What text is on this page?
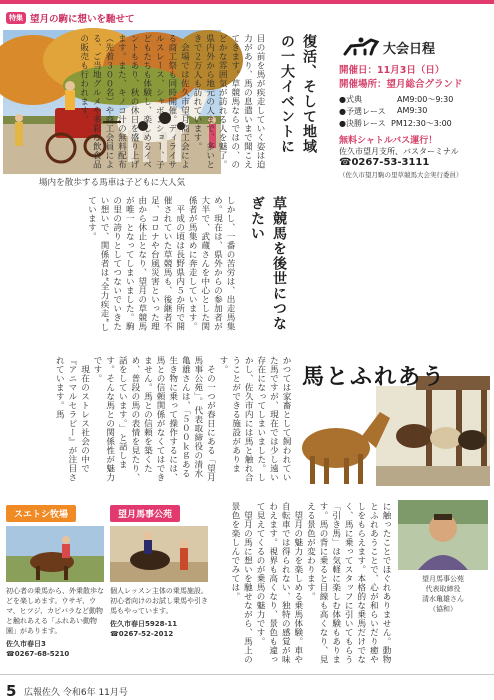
特集 望月の駒に想いを馳せて
場内を散歩する馬車は子どもに大人気
復活、そして地域の一大イベントに
目の前を馬が疾走していく姿は迫力があり、馬の息遣いまで聞こえてきます。草競馬ならではの、のどかな雰囲気が訪れる人を魅了。県内外から地元の人まで、多いときで２万人も訪れています。
　会場では佐久市望月商工会による商工祭も同時開催。ディライサルスレース、シャボンショー、子どもたちも体験し、楽しめるイベントもあり、秋の休日を盛り上げます。また、キノコ汁の無料配布（先着３００名）や商工会員による、ご当地グルメや多彩な飲食品の販売も行われます。	大会日程
開催日：11月3日（日）
開催場所：望月総合グランド
●式典	AM9:00～9:30
●予選レース AM9:30
●決勝レース PM12:30～3:00
無料シャトルバス運行！
佐久市望月支所、バスターミナル
☎0267-53-3111
（佐久市望月駒の里草競馬大会実行委員）
草競馬を後世につなぎたい
しかし、一番の苦労は、出走馬集め。現在は、県外からの参加者が大半で、武蔵さんを中心とした関係者が馬集めに奔走しています。
　平成の頃は長野県内５か所で開催されていた草競馬も、後継者不足、コロナや台風災害といった理由から休止となり、望月の草競馬が唯一となってしまいました。駒の里の誇りとしてつないでいきたい想いで、関係者は“全力疾走”しています。
馬とふれあう
かつては家畜として飼われていた馬ですが、現在では少し遠い存在になってしまいました。しかし、佐久市内には馬と触れ合うことができる施設があります。
　その一つが春日にある「望月馬事公苑」。代表取締役の清水亀雄さんは、「５００ｋｇある生き物に乗って操作するには、馬との信頼関係がなくてはできません。馬との信頼を築くため、普段の馬の表情を見たり、話をしています。」と話します。そんな馬との関係性が魅力です。
　現在のストレス社会の中で『アニマルセラピー』が注目されています。馬
に触ったことでほぐれありません。動物とふれあうことで、心が和らいだり癒やしをもらえます。本格的な乗馬だけでなく、馬に乗ってスタッフに引いてもらう「引き馬」は気軽に楽しむ体験もあります。馬の背に乗ると目線も高くなり、見える景色が変わります。
　望月の魅力を楽しめる乗馬体験。車や自転車では得られない、独特の感覚が味わえます。視界も高くなり、景色も違って見えてくるのが乗馬の魅力です。
　望月の馬に想いを馳せながら、馬上の景色を楽しんでみては。	望月馬事公苑
代表取締役
清水亀雄さん
（協和）
スエトシ牧場
初心者の乗馬から、外乗散歩などを楽しめます。ウサギ、ウマ、ヒツジ、カピバラなど動物と触れあえる「ふれあい動物園」があります。
佐久市春日3
☎0267-68-5210
望月馬事公苑
個人レッスン主体の乗馬施設。初心者向けのお試し乗馬や引き馬もやっています。
佐久市春日5928-11
☎0267-52-2012
5 広報佐久 令和6年 11月号
